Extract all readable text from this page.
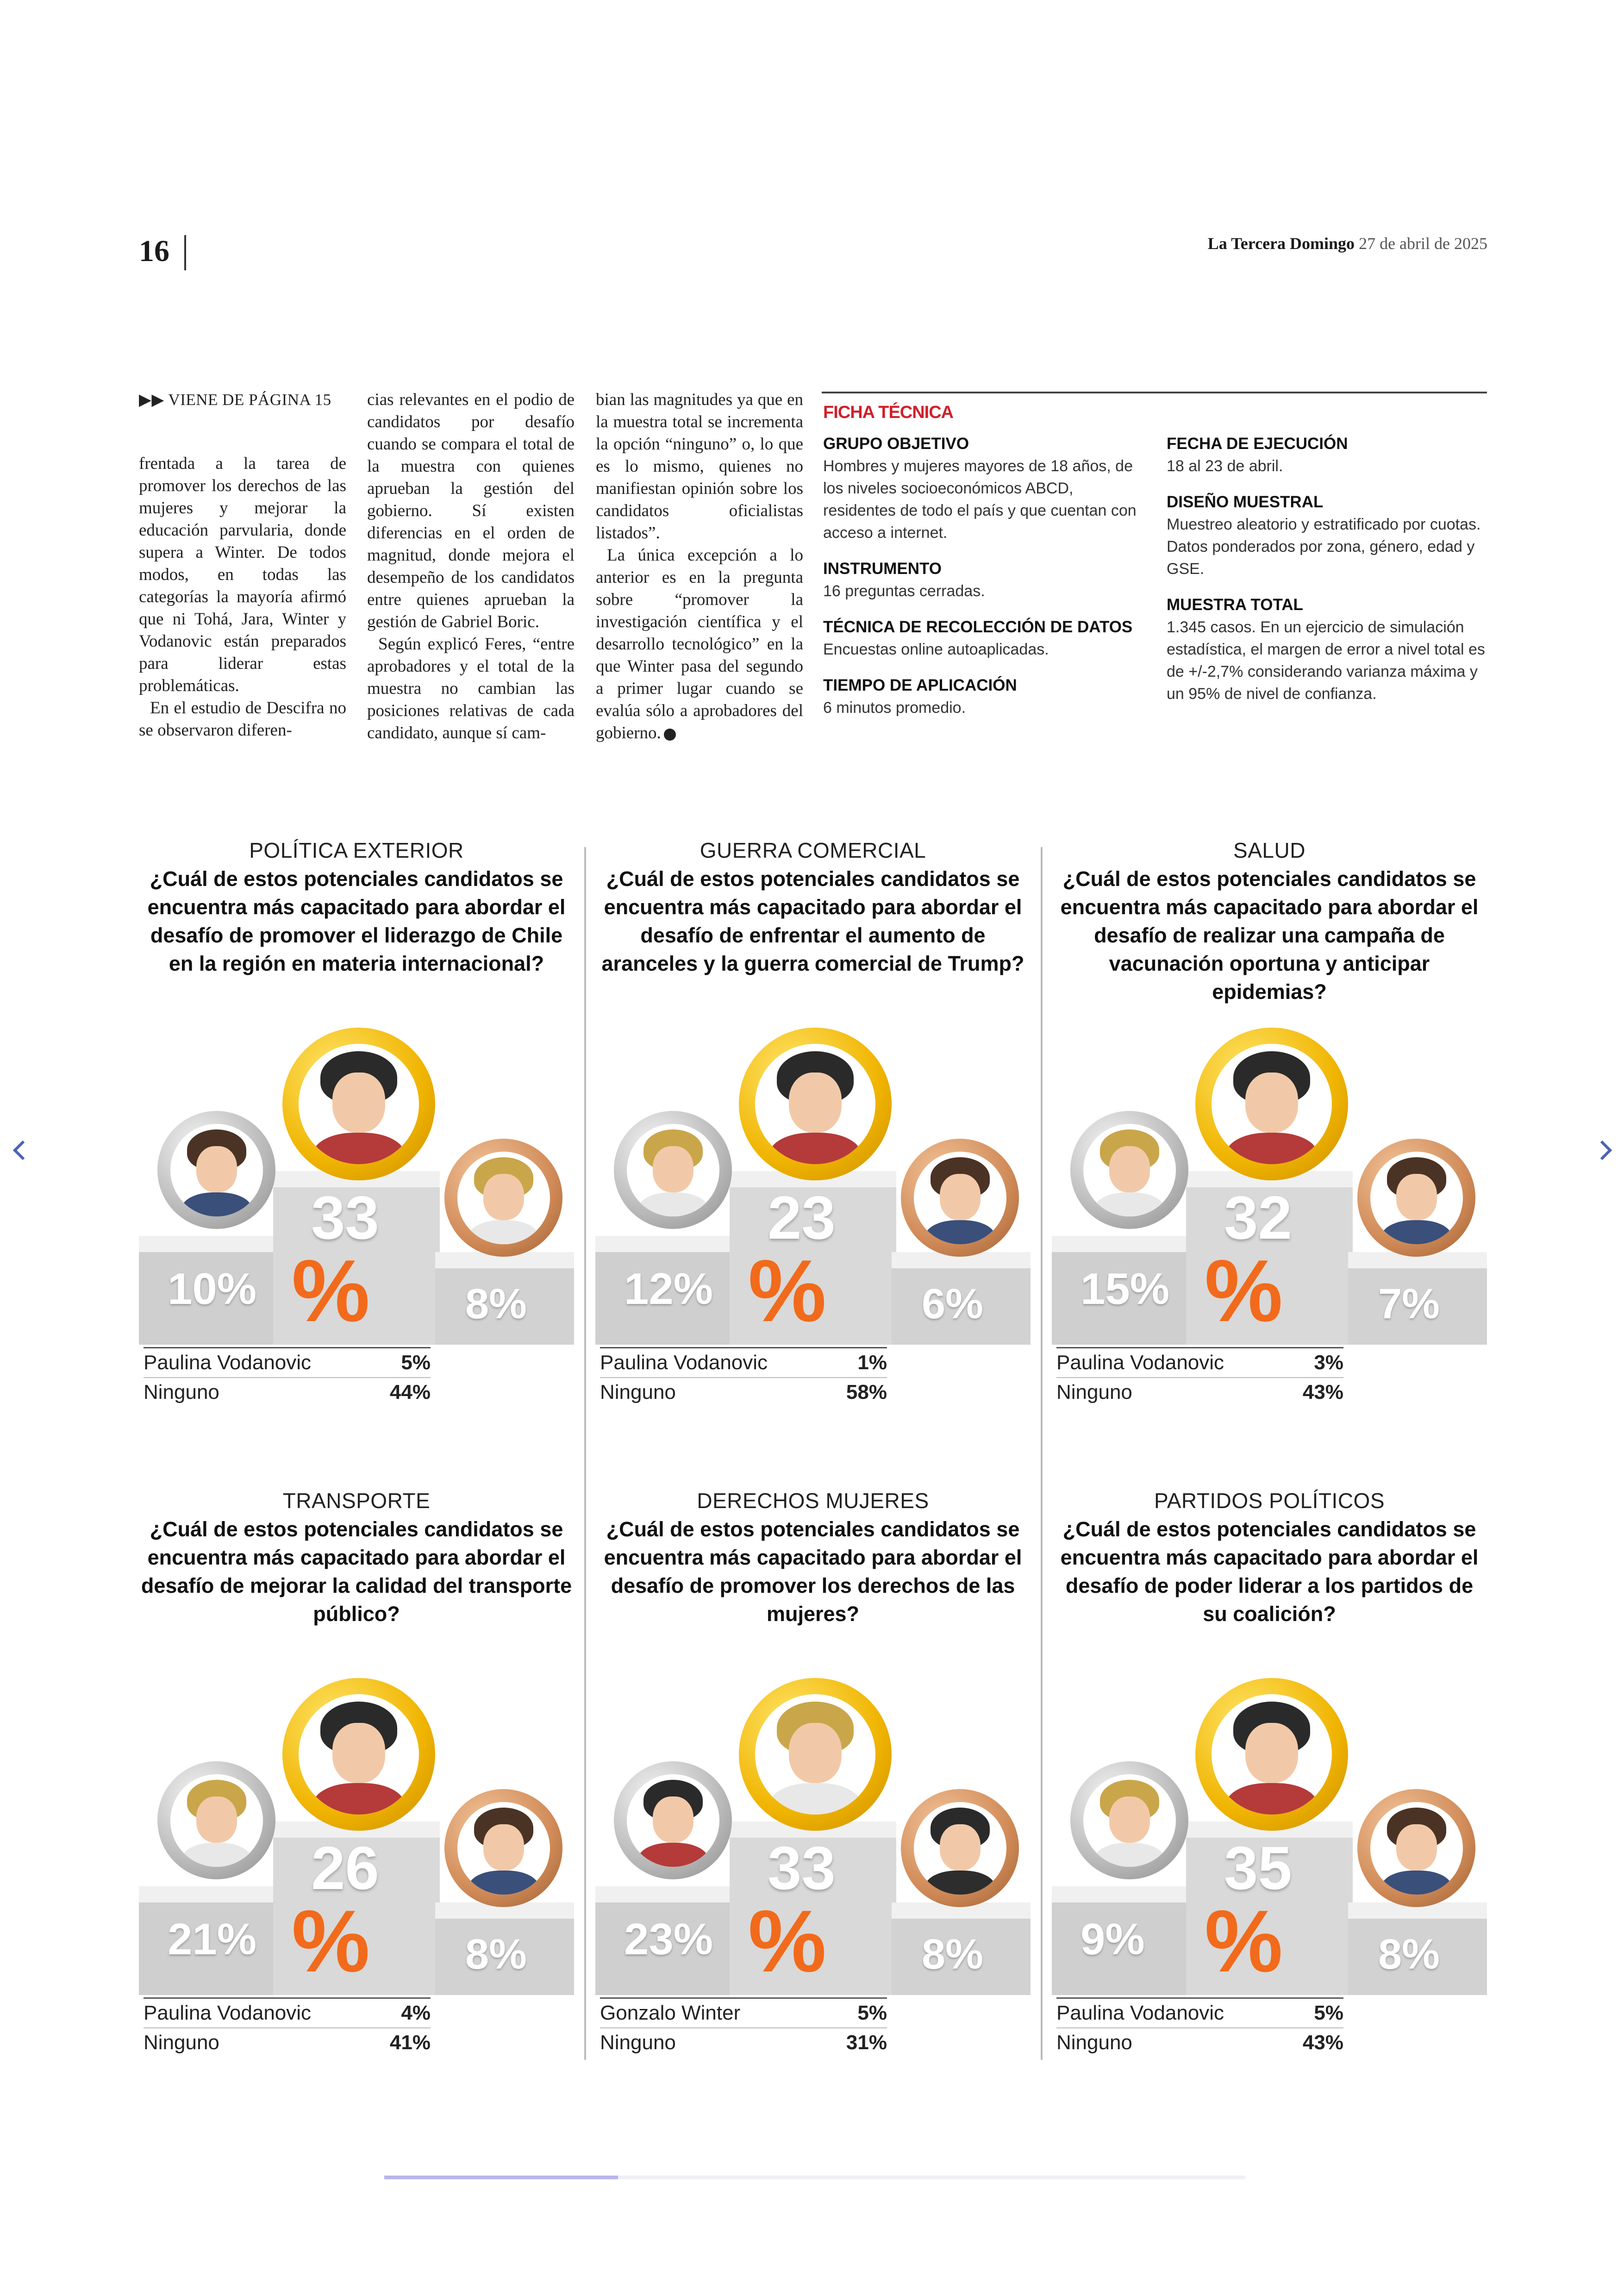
16	La Tercera Domingo 27 de abril de 2025

▶▶ VIENE DE PÁGINA 15

frentada a la tarea de promover los derechos de las mujeres y mejorar la educación parvularia, donde supera a Winter. De todos modos, en todas las categorías la mayoría afirmó que ni Tohá, Jara, Winter y Vodanovic están preparados para liderar estas problemáticas.

En el estudio de Descifra no se observaron diferen-

cias relevantes en el podio de candidatos por desafío cuando se compara el total de la muestra con quienes aprueban la gestión del gobierno. Sí existen diferencias en el orden de magnitud, donde mejora el desempeño de los candidatos entre quienes aprueban la gestión de Gabriel Boric.

Según explicó Feres, “entre aprobadores y el total de la muestra no cambian las posiciones relativas de cada candidato, aunque sí cam-

bian las magnitudes ya que en la muestra total se incrementa la opción “ninguno” o, lo que es lo mismo, quienes no manifiestan opinión sobre los candidatos oficialistas listados”.

La única excepción a lo anterior es en la pregunta sobre “promover la investigación científica y el desarrollo tecnológico” en la que Winter pasa del segundo a primer lugar cuando se evalúa sólo a aprobadores del gobierno.

FICHA TÉCNICA
GRUPO OBJETIVO
Hombres y mujeres mayores de 18 años, de los niveles socioeconómicos ABCD, residentes de todo el país y que cuentan con acceso a internet.
INSTRUMENTO
16 preguntas cerradas.
TÉCNICA DE RECOLECCIÓN DE DATOS
Encuestas online autoaplicadas.
TIEMPO DE APLICACIÓN
6 minutos promedio.
FECHA DE EJECUCIÓN
18 al 23 de abril.
DISEÑO MUESTRAL
Muestreo aleatorio y estratificado por cuotas. Datos ponderados por zona, género, edad y GSE.
MUESTRA TOTAL
1.345 casos. En un ejercicio de simulación estadística, el margen de error a nivel total es de +/-2,7% considerando varianza máxima y un 95% de nivel de confianza.
POLÍTICA EXTERIOR
¿Cuál de estos potenciales candidatos se encuentra más capacitado para abordar el desafío de promover el liderazgo de Chile en la región en materia internacional?
33
%
10%	8%
Paulina Vodanovic	5%
Ninguno	44%
GUERRA COMERCIAL
¿Cuál de estos potenciales candidatos se encuentra más capacitado para abordar el desafío de enfrentar el aumento de aranceles y la guerra comercial de Trump?
23
%
12%	6%
Paulina Vodanovic	1%
Ninguno	58%
SALUD
¿Cuál de estos potenciales candidatos se encuentra más capacitado para abordar el desafío de realizar una campaña de vacunación oportuna y anticipar epidemias?
32
%
15%	7%
Paulina Vodanovic	3%
Ninguno	43%
TRANSPORTE
¿Cuál de estos potenciales candidatos se encuentra más capacitado para abordar el desafío de mejorar la calidad del transporte público?
26
%
21%	8%
Paulina Vodanovic	4%
Ninguno	41%
DERECHOS MUJERES
¿Cuál de estos potenciales candidatos se encuentra más capacitado para abordar el desafío de promover los derechos de las mujeres?
33
%
23%	8%
Gonzalo Winter	5%
Ninguno	31%
PARTIDOS POLÍTICOS
¿Cuál de estos potenciales candidatos se encuentra más capacitado para abordar el desafío de poder liderar a los partidos de su coalición?
35
%
9%	8%
Paulina Vodanovic	5%
Ninguno	43%
